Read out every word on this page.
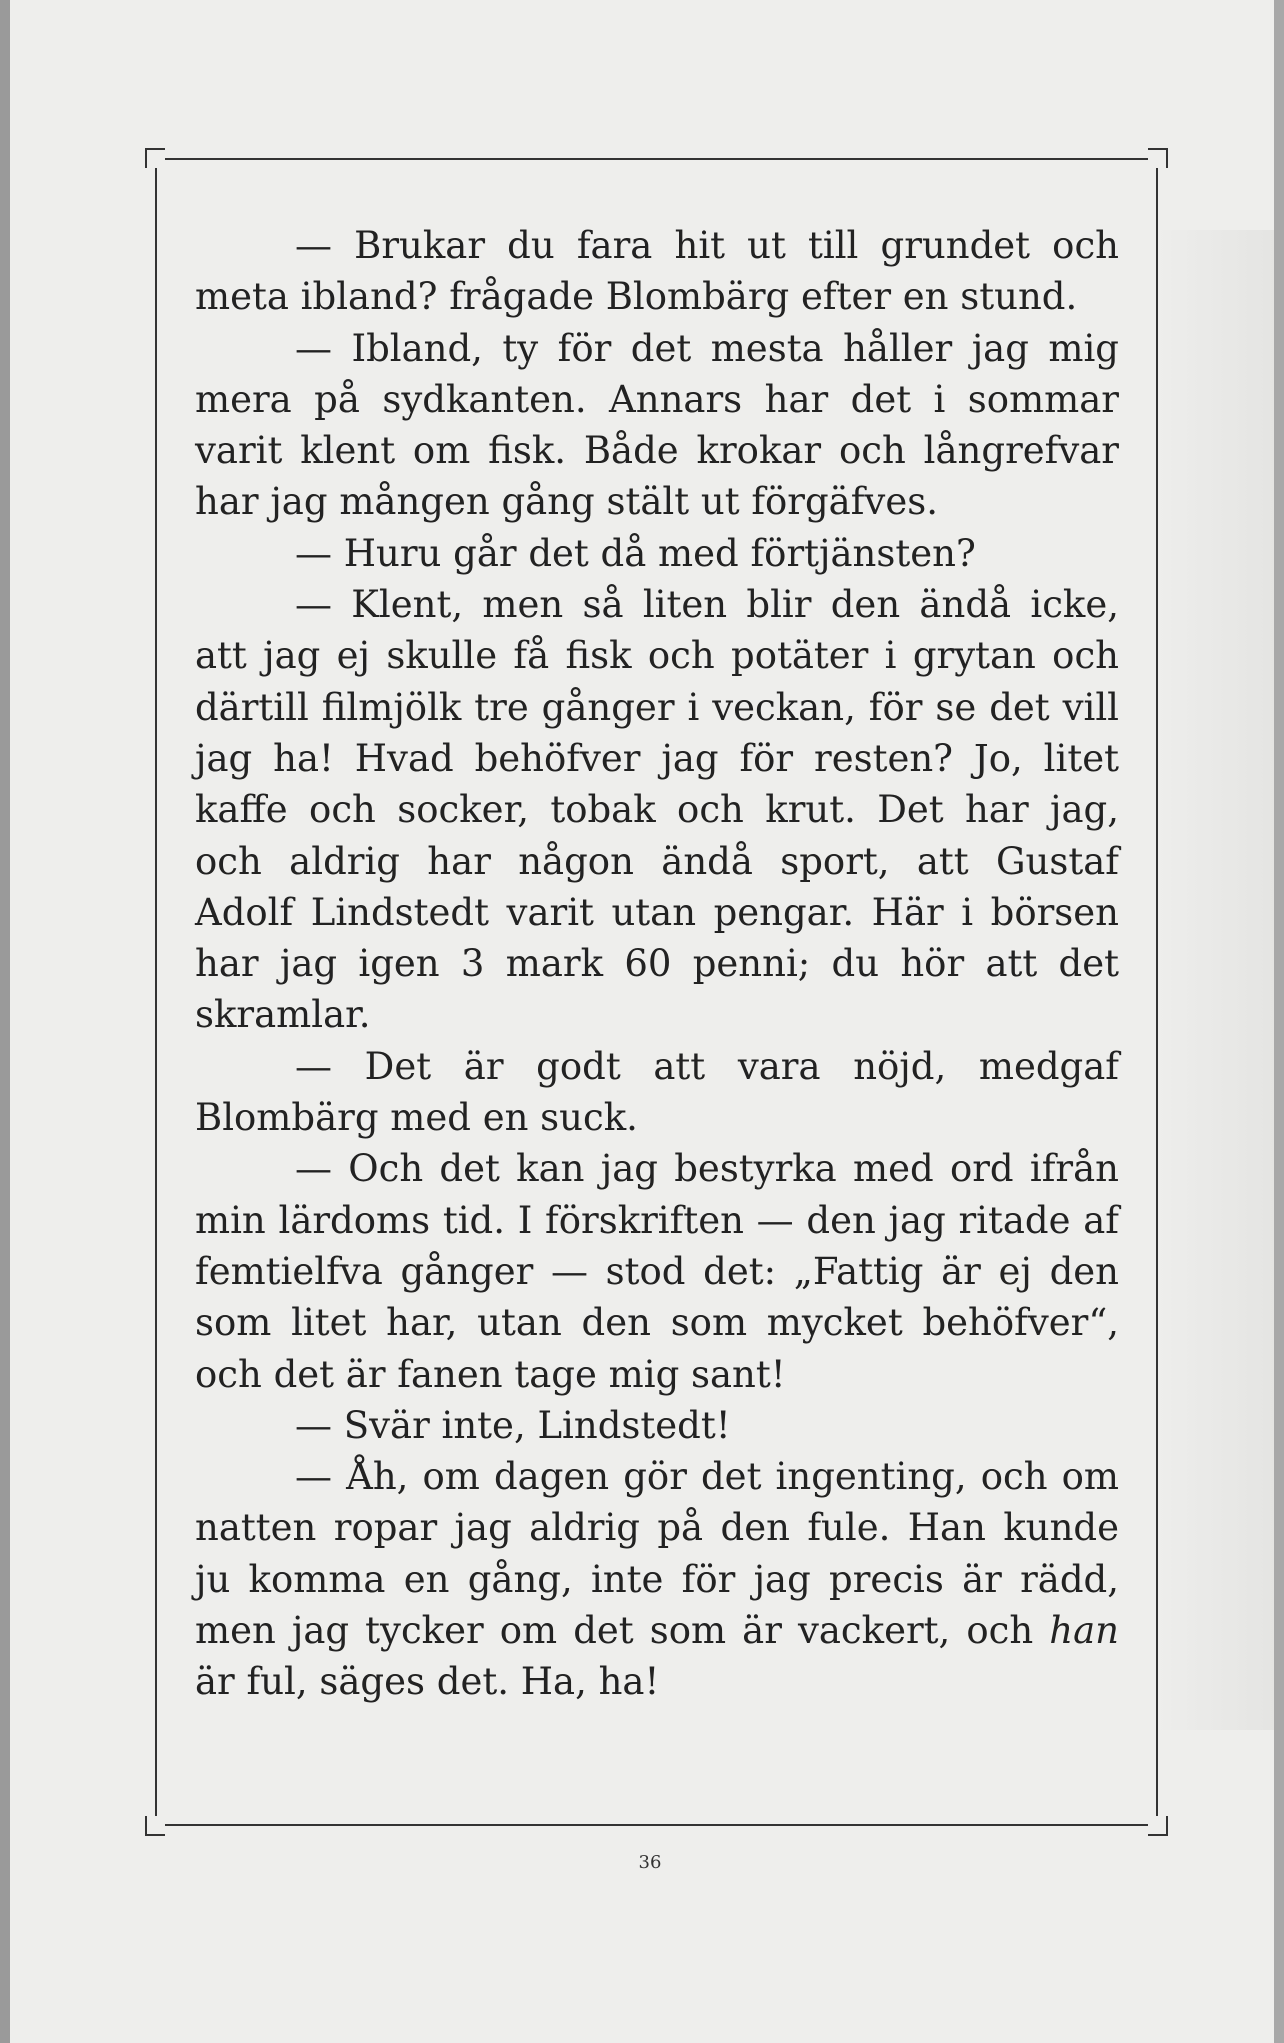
— Brukar du fara hit ut till grundet och meta ibland? frågade Blombärg efter en stund.

— Ibland, ty för det mesta håller jag mig mera på sydkanten. Annars har det i sommar varit klent om fisk. Både krokar och långrefvar har jag mången gång stält ut förgäfves.

— Huru går det då med förtjänsten?

— Klent, men så liten blir den ändå icke, att jag ej skulle få fisk och potäter i grytan och därtill filmjölk tre gånger i veckan, för se det vill jag ha! Hvad behöfver jag för resten? Jo, litet kaffe och socker, tobak och krut. Det har jag, och aldrig har någon ändå sport, att Gustaf Adolf Lindstedt varit utan pengar. Här i börsen har jag igen 3 mark 60 penni; du hör att det skramlar.

— Det är godt att vara nöjd, medgaf Blombärg med en suck.

— Och det kan jag bestyrka med ord ifrån min lärdoms tid. I förskriften — den jag ritade af femtielfva gånger — stod det: „Fattig är ej den som litet har, utan den som mycket behöfver“, och det är fanen tage mig sant!

— Svär inte, Lindstedt!

— Åh, om dagen gör det ingenting, och om natten ropar jag aldrig på den fule. Han kunde ju komma en gång, inte för jag precis är rädd, men jag tycker om det som är vackert, och han är ful, säges det. Ha, ha!

36
